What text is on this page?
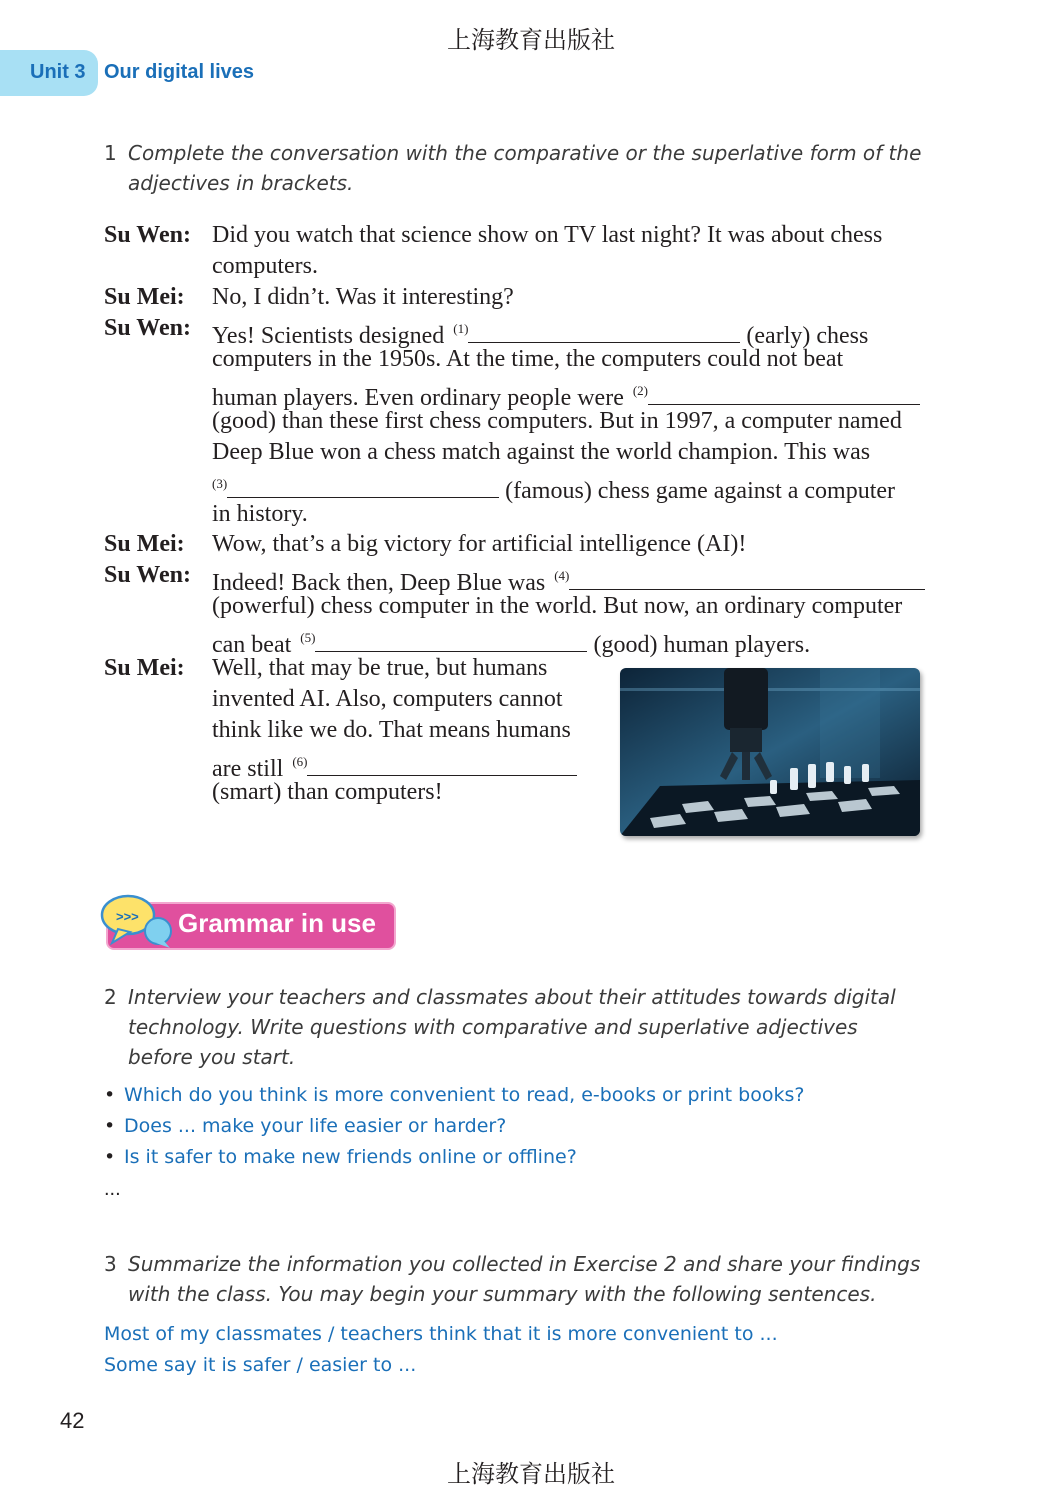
上海教育出版社
Unit 3 Our digital lives
1 Complete the conversation with the comparative or the superlative form of the adjectives in brackets.
Su Wen: Did you watch that science show on TV last night? It was about chess
computers.
Su Mei: No, I didn’t. Was it interesting?
Su Wen: Yes! Scientists designed $^{(1)}$	(early) chess
computers in the 1950s. At the time, the computers could not beat
human players. Even ordinary people were $^{(2)}$
(good) than these first chess computers. But in 1997, a computer named
Deep Blue won a chess match against the world champion. This was
$^{(3)}$	(famous) chess game against a computer
in history.
Su Mei: Wow, that’s a big victory for artificial intelligence (AI)!
Su Wen: Indeed! Back then, Deep Blue was $^{(4)}$
(powerful) chess computer in the world. But now, an ordinary computer
can beat $^{(5)}$	(good) human players.
Su Mei: Well, that may be true, but humans
invented AI. Also, computers cannot
think like we do. That means humans
are still $^{(6)}$
(smart) than computers!
>>> Grammar in use
2 Interview your teachers and classmates about their attitudes towards digital technology. Write questions with comparative and superlative adjectives before you start.
• Which do you think is more convenient to read, e-books or print books?
• Does ... make your life easier or harder?
• Is it safer to make new friends online or offline?
...
3 Summarize the information you collected in Exercise 2 and share your findings with the class. You may begin your summary with the following sentences.
Most of my classmates / teachers think that it is more convenient to ...
Some say it is safer / easier to ...
42
上海教育出版社
